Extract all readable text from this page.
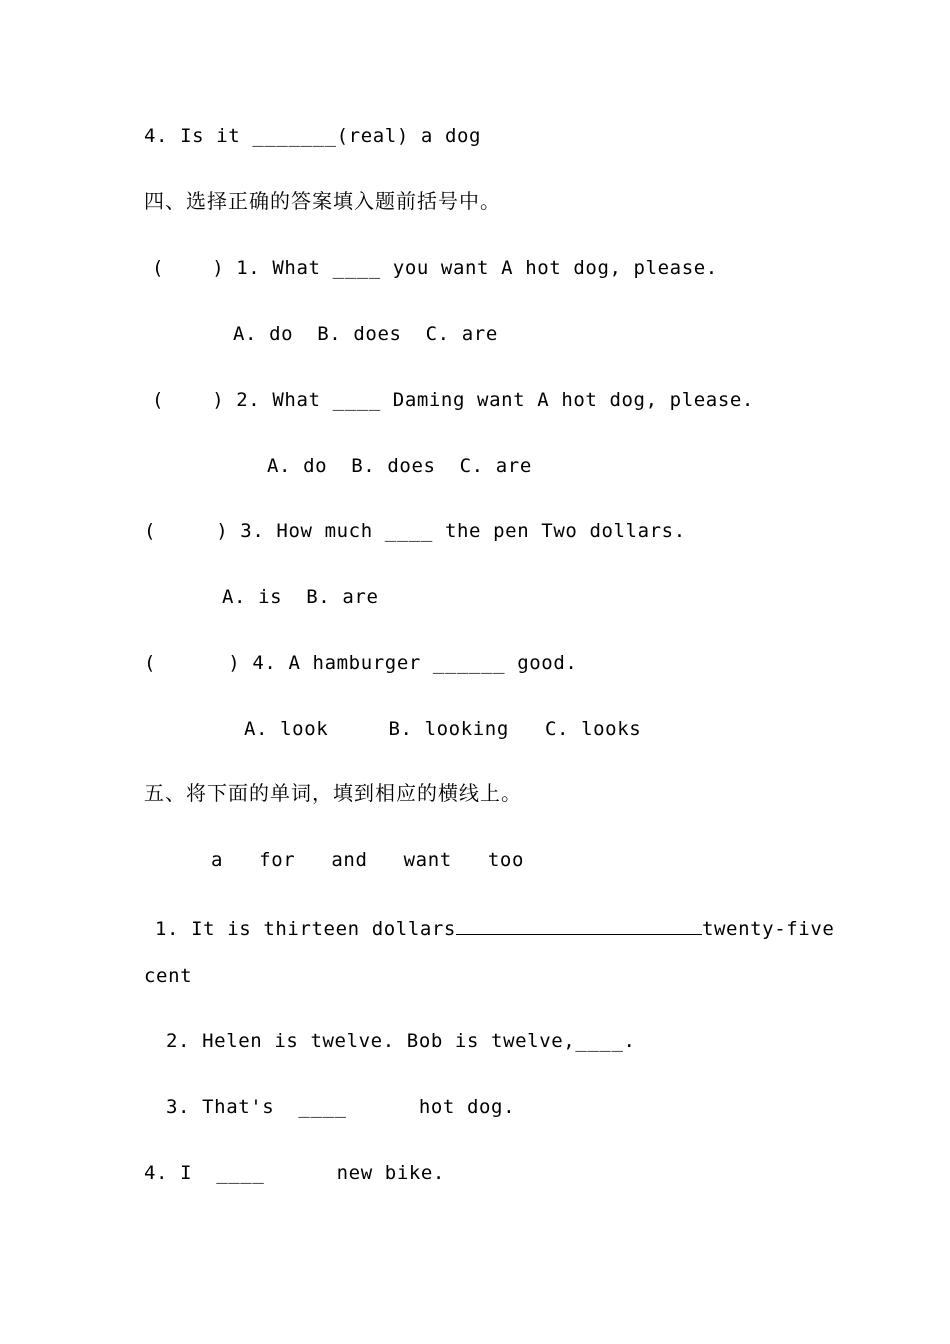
4. Is it _______(real) a dog
四、选择正确的答案填入题前括号中。
(    ) 1. What ____ you want A hot dog, please.
A. do  B. does  C. are
(    ) 2. What ____ Daming want A hot dog, please.
A. do  B. does  C. are
(     ) 3. How much ____ the pen Two dollars.
A. is  B. are
(      ) 4. A hamburger ______ good.
A. look     B. looking   C. looks
五、将下面的单词，填到相应的横线上。
a   for   and   want   too
1. It is thirteen dollars	twenty-five
cent
2. Helen is twelve. Bob is twelve,____.
3. That's  ____      hot dog.
4. I  ____      new bike.
